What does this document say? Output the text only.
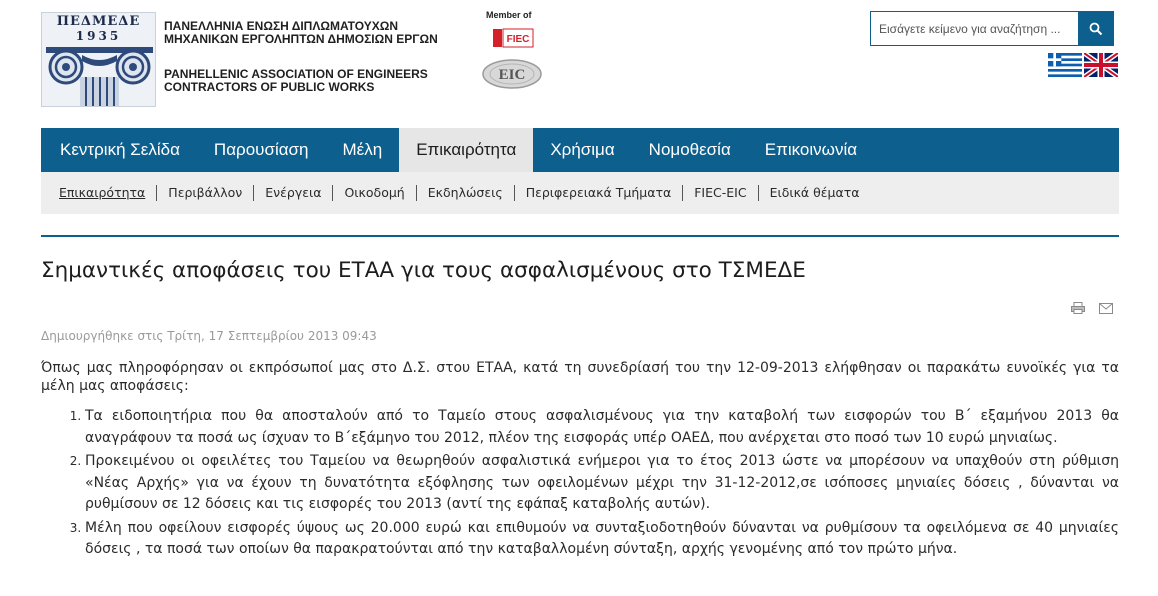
ΠΕΔΜΕΔΕ
1935
ΠΑΝΕΛΛΗΝΙΑ ΕΝΩΣΗ ΔΙΠΛΩΜΑΤΟΥΧΩΝ
ΜΗΧΑΝΙΚΩΝ ΕΡΓΟΛΗΠΤΩΝ ΔΗΜΟΣΙΩΝ ΕΡΓΩΝ
PANHELLENIC ASSOCIATION OF ENGINEERS
CONTRACTORS OF PUBLIC WORKS
Member of
FIEC
EIC
Εισάγετε κείμενο για αναζήτηση ...
Κεντρική Σελίδα	Παρουσίαση	Μέλη	Επικαιρότητα	Χρήσιμα	Νομοθεσία	Επικοινωνία
Επικαιρότητα	Περιβάλλον	Ενέργεια	Οικοδομή	Εκδηλώσεις	Περιφερειακά Τμήματα	FIEC-EIC	Ειδικά θέματα
Σημαντικές αποφάσεις του ΕΤΑΑ για τους ασφαλισμένους στο ΤΣΜΕΔΕ
Δημιουργήθηκε στις Τρίτη, 17 Σεπτεμβρίου 2013 09:43

Όπως μας πληροφόρησαν οι εκπρόσωποί μας στο Δ.Σ. στου ΕΤΑΑ, κατά τη συνεδρίασή του την 12-09-2013 ελήφθησαν οι παρακάτω ευνοϊκές για τα μέλη μας αποφάσεις:

1. Τα ειδοποιητήρια που θα αποσταλούν από το Ταμείο στους ασφαλισμένους για την καταβολή των εισφορών του Β΄ εξαμήνου 2013 θα αναγράφουν τα ποσά ως ίσχυαν το Β΄εξάμηνο του 2012, πλέον της εισφοράς υπέρ ΟΑΕΔ, που ανέρχεται στο ποσό των 10 ευρώ μηνιαίως.
2. Προκειμένου οι οφειλέτες του Ταμείου να θεωρηθούν ασφαλιστικά ενήμεροι για το έτος 2013 ώστε να μπορέσουν να υπαχθούν στη ρύθμιση «Νέας Αρχής» για να έχουν τη δυνατότητα εξόφλησης των οφειλομένων μέχρι την 31-12-2012,σε ισόποσες μηνιαίες δόσεις , δύνανται να ρυθμίσουν σε 12 δόσεις και τις εισφορές του 2013 (αντί της εφάπαξ καταβολής αυτών).
3. Μέλη που οφείλουν εισφορές ύψους ως 20.000 ευρώ και επιθυμούν να συνταξιοδοτηθούν δύνανται να ρυθμίσουν τα οφειλόμενα σε 40 μηνιαίες δόσεις , τα ποσά των οποίων θα παρακρατούνται από την καταβαλλομένη σύνταξη, αρχής γενομένης από τον πρώτο μήνα.
